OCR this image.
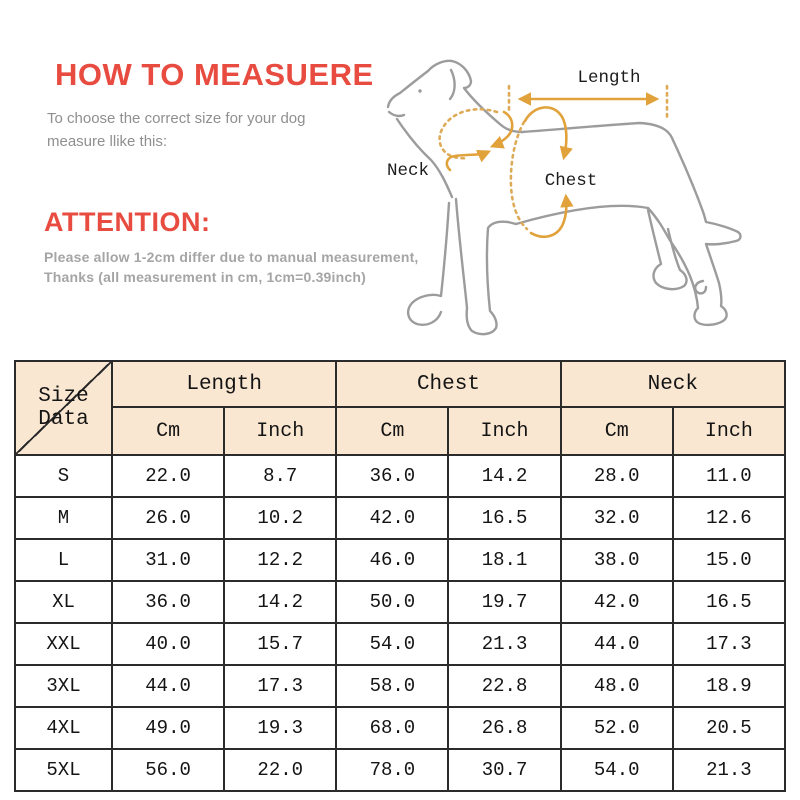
HOW TO MEASUERE
To choose the correct size for your dog
measure llike this:
ATTENTION:
Please allow 1-2cm differ due to manual measurement,
Thanks (all measurement in cm, 1cm=0.39inch)
Length
Neck	Chest
Size Data	Length		Chest		Neck	
	Cm	Inch	Cm	Inch	Cm	Inch
S	22.0	8.7	36.0	14.2	28.0	11.0
M	26.0	10.2	42.0	16.5	32.0	12.6
L	31.0	12.2	46.0	18.1	38.0	15.0
XL	36.0	14.2	50.0	19.7	42.0	16.5
XXL	40.0	15.7	54.0	21.3	44.0	17.3
3XL	44.0	17.3	58.0	22.8	48.0	18.9
4XL	49.0	19.3	68.0	26.8	52.0	20.5
5XL	56.0	22.0	78.0	30.7	54.0	21.3
